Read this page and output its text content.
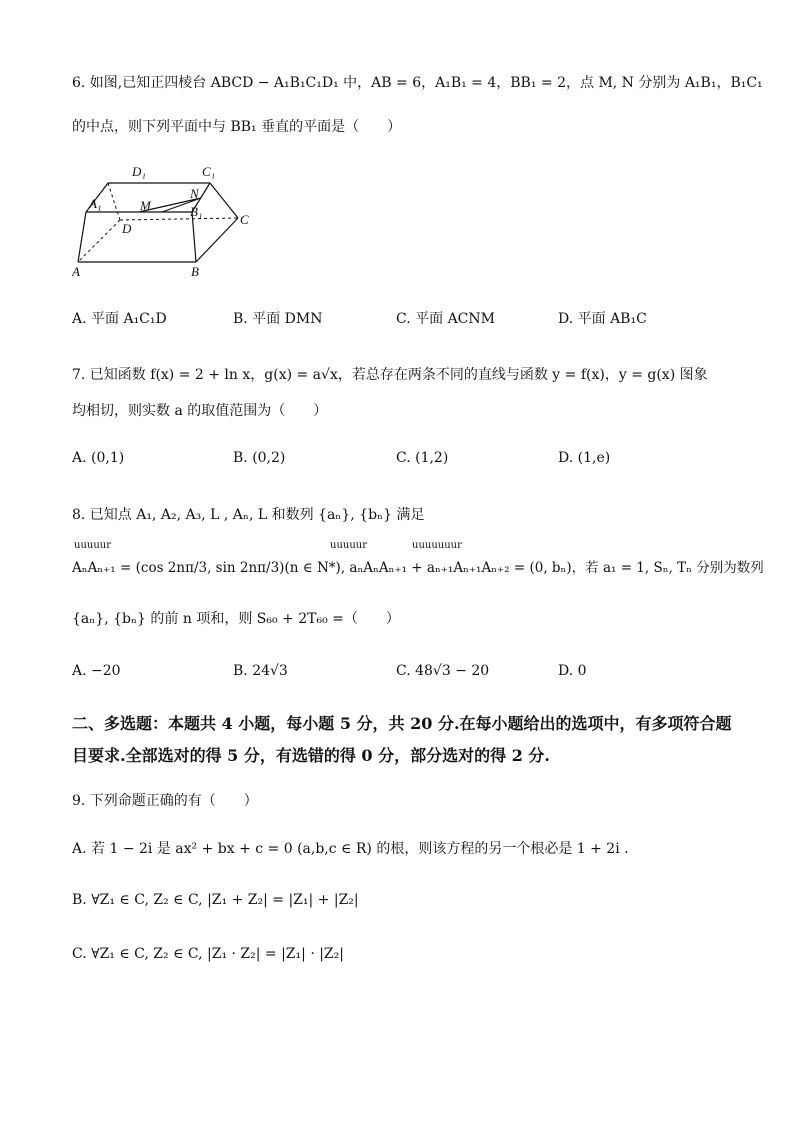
6. 如图,已知正四棱台 ABCD − A₁B₁C₁D₁ 中，AB = 6，A₁B₁ = 4，BB₁ = 2，点 M, N 分别为 A₁B₁，B₁C₁
的中点，则下列平面中与 BB₁ 垂直的平面是（　　）
D₁	C₁
A₁
N
M	B₁
D
C
A	B
A. 平面 A₁C₁D	B. 平面 DMN	C. 平面 ACNM	D. 平面 AB₁C
7. 已知函数 f(x) = 2 + ln x，g(x) = a√x，若总存在两条不同的直线与函数 y = f(x)，y = g(x) 图象
均相切，则实数 a 的取值范围为（　　）
A. (0,1)	B. (0,2)	C. (1,2)	D. (1,e)
8. 已知点 A₁, A₂, A₃, L , Aₙ, L 和数列 {aₙ}, {bₙ} 满足
uuuuur	uuuuur	uuuuuuur
AₙAₙ₊₁ = (cos 2nπ/3, sin 2nπ/3)(n ∈ N*), aₙAₙAₙ₊₁ + aₙ₊₁Aₙ₊₁Aₙ₊₂ = (0, bₙ)，若 a₁ = 1, Sₙ, Tₙ 分别为数列
{aₙ}, {bₙ} 的前 n 项和，则 S₆₀ + 2T₆₀ =（　　）
A. −20	B. 24√3	C. 48√3 − 20	D. 0
二、多选题：本题共 4 小题，每小题 5 分，共 20 分.在每小题给出的选项中，有多项符合题目要求.全部选对的得 5 分，有选错的得 0 分，部分选对的得 2 分.
9. 下列命题正确的有（　　）
A. 若 1 − 2i 是 ax² + bx + c = 0 (a,b,c ∈ R) 的根，则该方程的另一个根必是 1 + 2i .
B. ∀Z₁ ∈ C, Z₂ ∈ C, |Z₁ + Z₂| = |Z₁| + |Z₂|
C. ∀Z₁ ∈ C, Z₂ ∈ C, |Z₁ · Z₂| = |Z₁| · |Z₂|
